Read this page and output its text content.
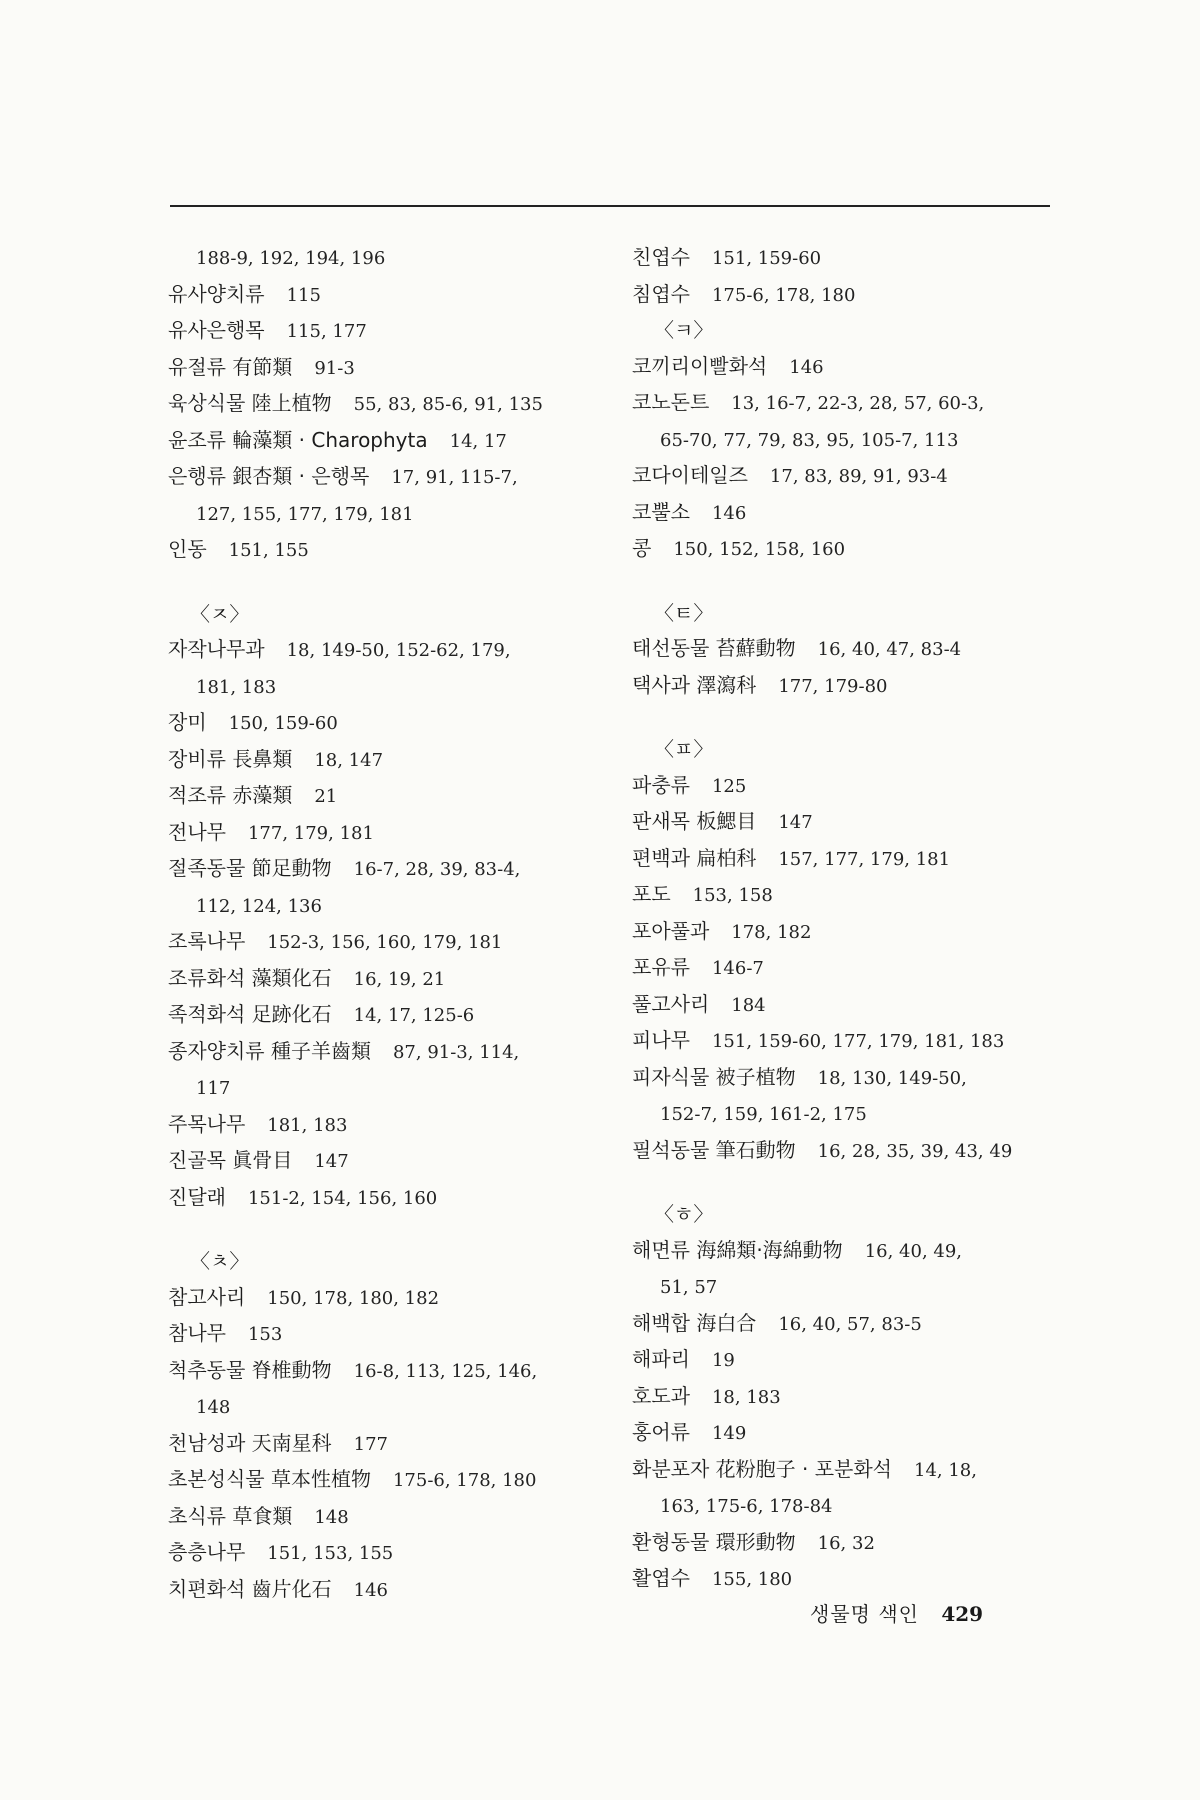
188-9, 192, 194, 196
유사양치류 115
유사은행목 115, 177
유절류 有節類 91-3
육상식물 陸上植物 55, 83, 85-6, 91, 135
윤조류 輪藻類 · Charophyta 14, 17
은행류 銀杏類 · 은행목 17, 91, 115-7,
127, 155, 177, 179, 181
인동 151, 155
〈ㅈ〉
자작나무과 18, 149-50, 152-62, 179,
181, 183
장미 150, 159-60
장비류 長鼻類 18, 147
적조류 赤藻類 21
전나무 177, 179, 181
절족동물 節足動物 16-7, 28, 39, 83-4,
112, 124, 136
조록나무 152-3, 156, 160, 179, 181
조류화석 藻類化石 16, 19, 21
족적화석 足跡化石 14, 17, 125-6
종자양치류 種子羊齒類 87, 91-3, 114,
117
주목나무 181, 183
진골목 眞骨目 147
진달래 151-2, 154, 156, 160
〈ㅊ〉
참고사리 150, 178, 180, 182
참나무 153
척추동물 脊椎動物 16-8, 113, 125, 146,
148
천남성과 天南星科 177
초본성식물 草本性植物 175-6, 178, 180
초식류 草食類 148
층층나무 151, 153, 155
치편화석 齒片化石 146
친엽수 151, 159-60
침엽수 175-6, 178, 180
〈ㅋ〉
코끼리이빨화석 146
코노돈트 13, 16-7, 22-3, 28, 57, 60-3,
65-70, 77, 79, 83, 95, 105-7, 113
코다이테일즈 17, 83, 89, 91, 93-4
코뿔소 146
콩 150, 152, 158, 160
〈ㅌ〉
태선동물 苔蘚動物 16, 40, 47, 83-4
택사과 澤瀉科 177, 179-80
〈ㅍ〉
파충류 125
판새목 板鰓目 147
편백과 扁柏科 157, 177, 179, 181
포도 153, 158
포아풀과 178, 182
포유류 146-7
풀고사리 184
피나무 151, 159-60, 177, 179, 181, 183
피자식물 被子植物 18, 130, 149-50,
152-7, 159, 161-2, 175
필석동물 筆石動物 16, 28, 35, 39, 43, 49
〈ㅎ〉
해면류 海綿類·海綿動物 16, 40, 49,
51, 57
해백합 海白合 16, 40, 57, 83-5
해파리 19
호도과 18, 183
홍어류 149
화분포자 花粉胞子 · 포분화석 14, 18,
163, 175-6, 178-84
환형동물 環形動物 16, 32
활엽수 155, 180
생물명 색인 429
